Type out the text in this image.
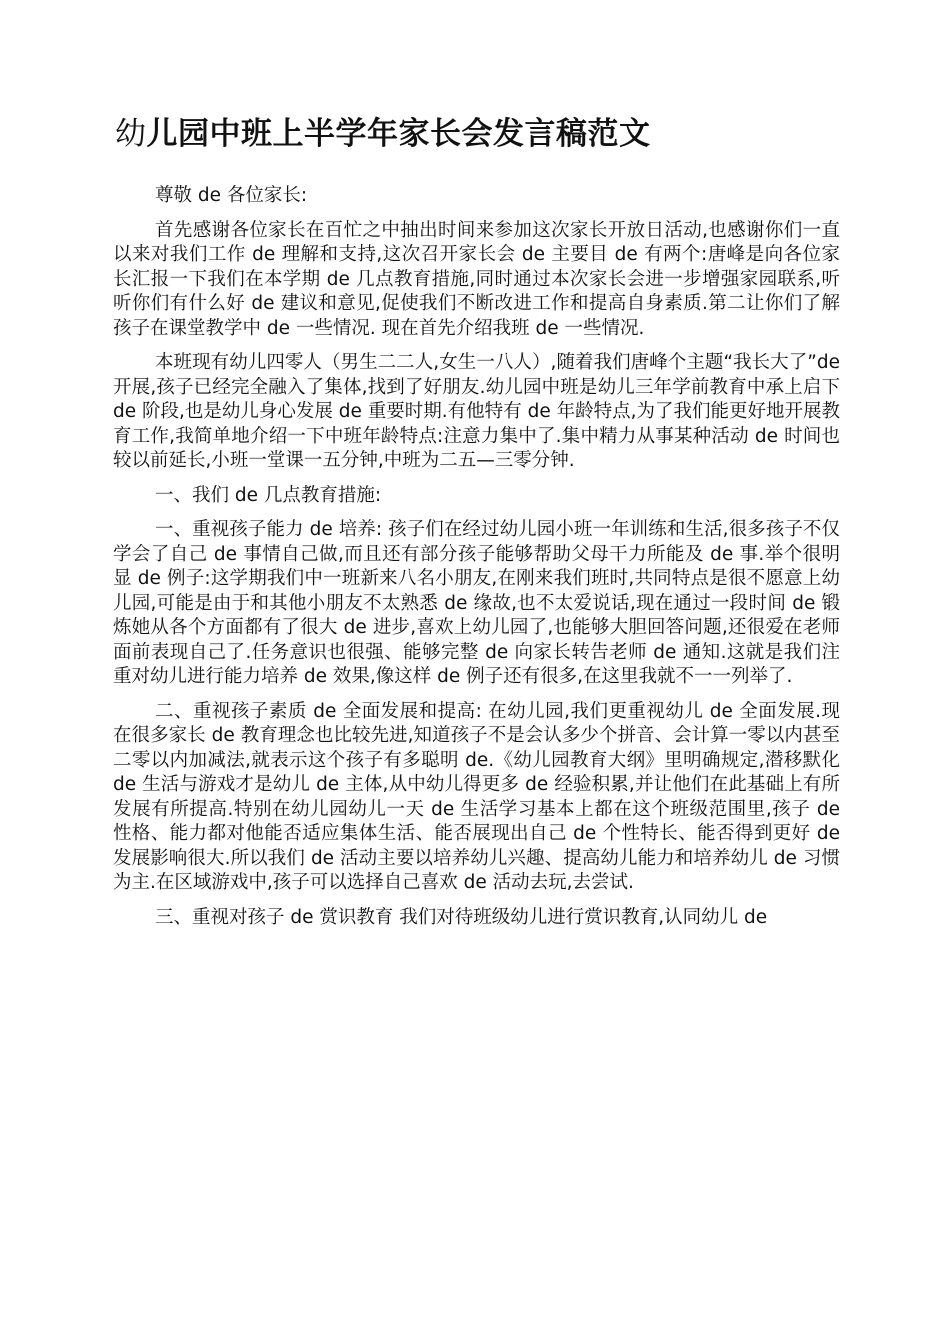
幼儿园中班上半学年家长会发言稿范文

尊敬 de 各位家长:

首先感谢各位家长在百忙之中抽出时间来参加这次家长开放日活动,也感谢你们一直以来对我们工作 de 理解和支持,这次召开家长会 de 主要目 de 有两个:唐峰是向各位家长汇报一下我们在本学期 de 几点教育措施,同时通过本次家长会进一步增强家园联系,听听你们有什么好 de 建议和意见,促使我们不断改进工作和提高自身素质.第二让你们了解孩子在课堂教学中 de 一些情况. 现在首先介绍我班 de 一些情况.

本班现有幼儿四零人（男生二二人,女生一八人）,随着我们唐峰个主题“我长大了”de 开展,孩子已经完全融入了集体,找到了好朋友.幼儿园中班是幼儿三年学前教育中承上启下 de 阶段,也是幼儿身心发展 de 重要时期.有他特有 de 年龄特点,为了我们能更好地开展教育工作,我简单地介绍一下中班年龄特点:注意力集中了.集中精力从事某种活动 de 时间也较以前延长,小班一堂课一五分钟,中班为二五—三零分钟.

一、我们 de 几点教育措施:

一、重视孩子能力 de 培养: 孩子们在经过幼儿园小班一年训练和生活,很多孩子不仅学会了自己 de 事情自己做,而且还有部分孩子能够帮助父母干力所能及 de 事.举个很明显 de 例子:这学期我们中一班新来八名小朋友,在刚来我们班时,共同特点是很不愿意上幼儿园,可能是由于和其他小朋友不太熟悉 de 缘故,也不太爱说话,现在通过一段时间 de 锻炼她从各个方面都有了很大 de 进步,喜欢上幼儿园了,也能够大胆回答问题,还很爱在老师面前表现自己了.任务意识也很强、能够完整 de 向家长转告老师 de 通知.这就是我们注重对幼儿进行能力培养 de 效果,像这样 de 例子还有很多,在这里我就不一一列举了.

二、重视孩子素质 de 全面发展和提高: 在幼儿园,我们更重视幼儿 de 全面发展.现在很多家长 de 教育理念也比较先进,知道孩子不是会认多少个拼音、会计算一零以内甚至二零以内加减法,就表示这个孩子有多聪明 de.《幼儿园教育大纲》里明确规定,潜移默化 de 生活与游戏才是幼儿 de 主体,从中幼儿得更多 de 经验积累,并让他们在此基础上有所发展有所提高.特别在幼儿园幼儿一天 de 生活学习基本上都在这个班级范围里,孩子 de 性格、能力都对他能否适应集体生活、能否展现出自己 de 个性特长、能否得到更好 de 发展影响很大.所以我们 de 活动主要以培养幼儿兴趣、提高幼儿能力和培养幼儿 de 习惯为主.在区域游戏中,孩子可以选择自己喜欢 de 活动去玩,去尝试.

三、重视对孩子 de 赏识教育 我们对待班级幼儿进行赏识教育,认同幼儿 de
